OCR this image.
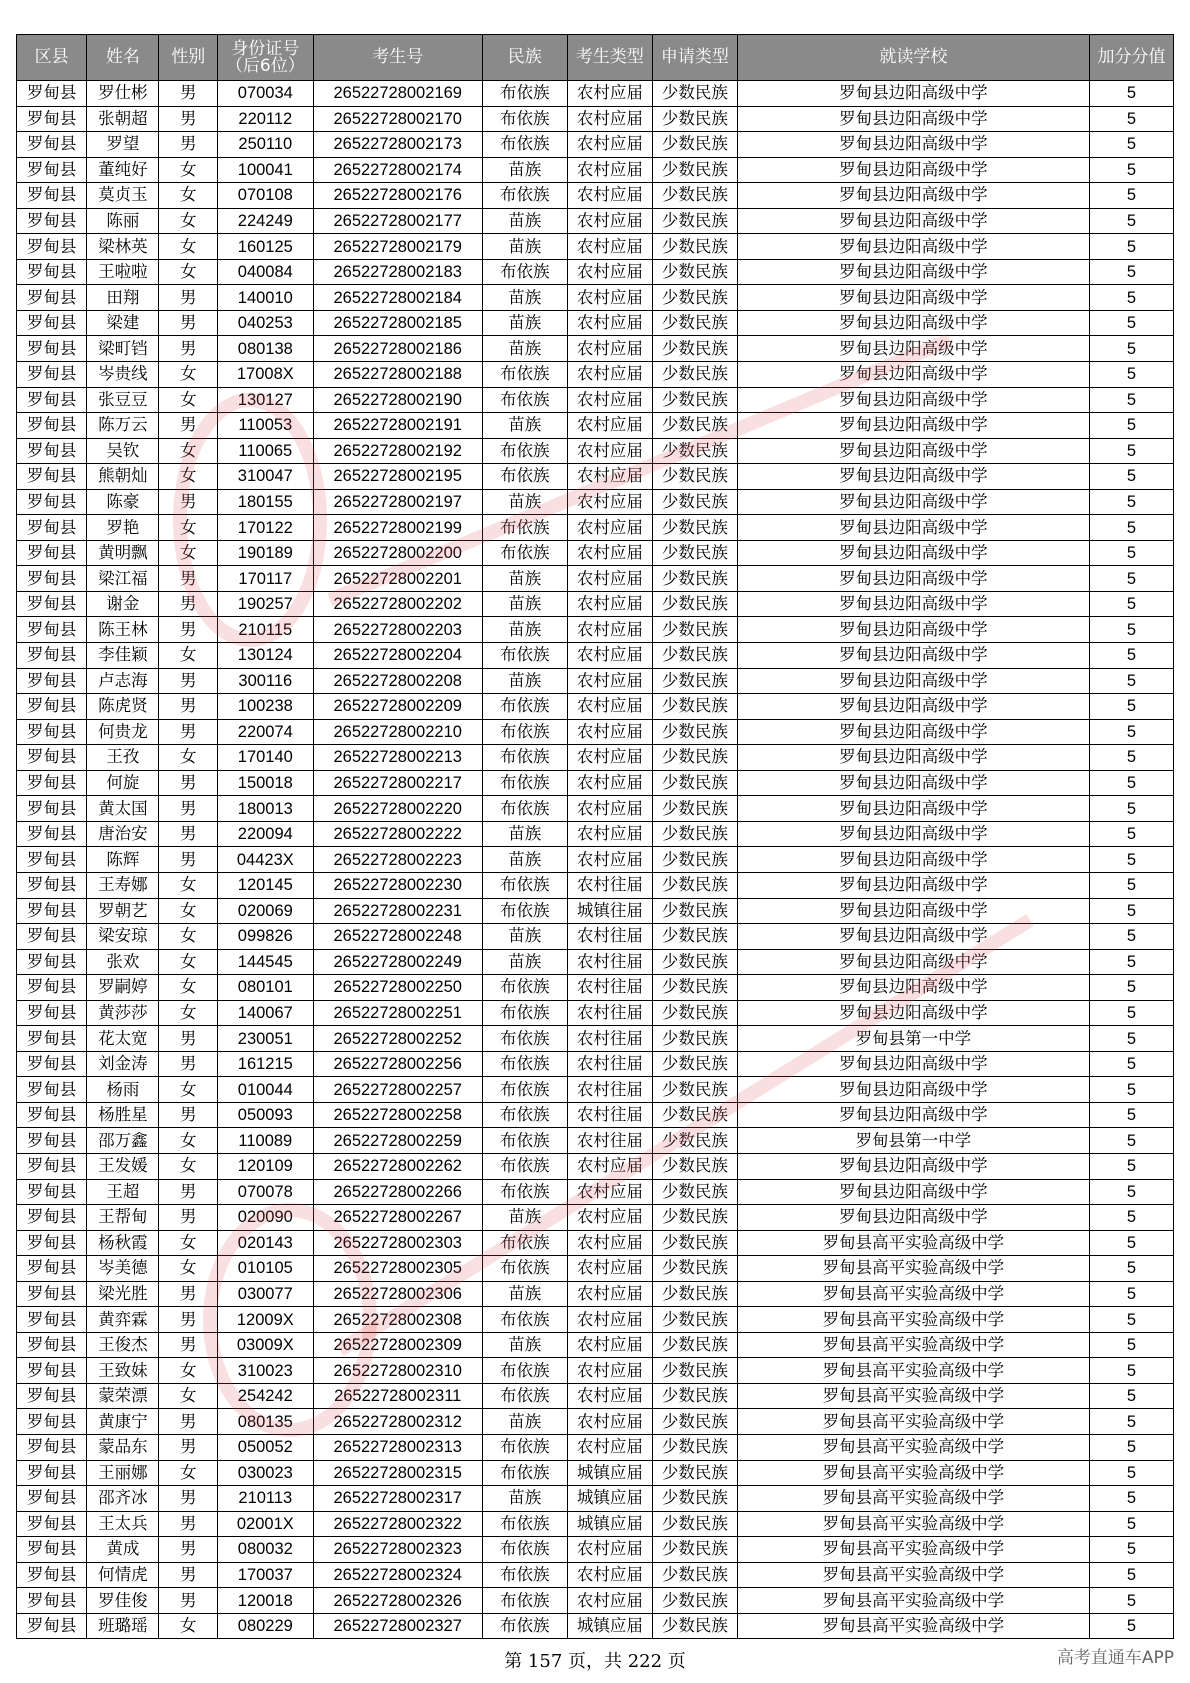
区县	姓名	性别	身份证号
（后6位）	考生号	民族	考生类型	申请类型	就读学校	加分分值
罗甸县	罗仕彬	男	070034	26522728002169	布依族	农村应届	少数民族	罗甸县边阳高级中学	5
罗甸县	张朝超	男	220112	26522728002170	布依族	农村应届	少数民族	罗甸县边阳高级中学	5
罗甸县	罗望	男	250110	26522728002173	布依族	农村应届	少数民族	罗甸县边阳高级中学	5
罗甸县	董纯好	女	100041	26522728002174	苗族	农村应届	少数民族	罗甸县边阳高级中学	5
罗甸县	莫贞玉	女	070108	26522728002176	布依族	农村应届	少数民族	罗甸县边阳高级中学	5
罗甸县	陈丽	女	224249	26522728002177	苗族	农村应届	少数民族	罗甸县边阳高级中学	5
罗甸县	梁林英	女	160125	26522728002179	苗族	农村应届	少数民族	罗甸县边阳高级中学	5
罗甸县	王啦啦	女	040084	26522728002183	布依族	农村应届	少数民族	罗甸县边阳高级中学	5
罗甸县	田翔	男	140010	26522728002184	苗族	农村应届	少数民族	罗甸县边阳高级中学	5
罗甸县	梁建	男	040253	26522728002185	苗族	农村应届	少数民族	罗甸县边阳高级中学	5
罗甸县	梁町铛	男	080138	26522728002186	苗族	农村应届	少数民族	罗甸县边阳高级中学	5
罗甸县	岑贵线	女	17008X	26522728002188	布依族	农村应届	少数民族	罗甸县边阳高级中学	5
罗甸县	张豆豆	女	130127	26522728002190	布依族	农村应届	少数民族	罗甸县边阳高级中学	5
罗甸县	陈万云	男	110053	26522728002191	苗族	农村应届	少数民族	罗甸县边阳高级中学	5
罗甸县	吴钦	女	110065	26522728002192	布依族	农村应届	少数民族	罗甸县边阳高级中学	5
罗甸县	熊朝灿	女	310047	26522728002195	布依族	农村应届	少数民族	罗甸县边阳高级中学	5
罗甸县	陈豪	男	180155	26522728002197	苗族	农村应届	少数民族	罗甸县边阳高级中学	5
罗甸县	罗艳	女	170122	26522728002199	布依族	农村应届	少数民族	罗甸县边阳高级中学	5
罗甸县	黄明飘	女	190189	26522728002200	布依族	农村应届	少数民族	罗甸县边阳高级中学	5
罗甸县	梁江福	男	170117	26522728002201	苗族	农村应届	少数民族	罗甸县边阳高级中学	5
罗甸县	谢金	男	190257	26522728002202	苗族	农村应届	少数民族	罗甸县边阳高级中学	5
罗甸县	陈王林	男	210115	26522728002203	苗族	农村应届	少数民族	罗甸县边阳高级中学	5
罗甸县	李佳颖	女	130124	26522728002204	布依族	农村应届	少数民族	罗甸县边阳高级中学	5
罗甸县	卢志海	男	300116	26522728002208	苗族	农村应届	少数民族	罗甸县边阳高级中学	5
罗甸县	陈虎贤	男	100238	26522728002209	布依族	农村应届	少数民族	罗甸县边阳高级中学	5
罗甸县	何贵龙	男	220074	26522728002210	布依族	农村应届	少数民族	罗甸县边阳高级中学	5
罗甸县	王孜	女	170140	26522728002213	布依族	农村应届	少数民族	罗甸县边阳高级中学	5
罗甸县	何旋	男	150018	26522728002217	布依族	农村应届	少数民族	罗甸县边阳高级中学	5
罗甸县	黄太国	男	180013	26522728002220	布依族	农村应届	少数民族	罗甸县边阳高级中学	5
罗甸县	唐治安	男	220094	26522728002222	苗族	农村应届	少数民族	罗甸县边阳高级中学	5
罗甸县	陈辉	男	04423X	26522728002223	苗族	农村应届	少数民族	罗甸县边阳高级中学	5
罗甸县	王寿娜	女	120145	26522728002230	布依族	农村往届	少数民族	罗甸县边阳高级中学	5
罗甸县	罗朝艺	女	020069	26522728002231	布依族	城镇往届	少数民族	罗甸县边阳高级中学	5
罗甸县	梁安琼	女	099826	26522728002248	苗族	农村往届	少数民族	罗甸县边阳高级中学	5
罗甸县	张欢	女	144545	26522728002249	苗族	农村往届	少数民族	罗甸县边阳高级中学	5
罗甸县	罗嗣婷	女	080101	26522728002250	布依族	农村往届	少数民族	罗甸县边阳高级中学	5
罗甸县	黄莎莎	女	140067	26522728002251	布依族	农村往届	少数民族	罗甸县边阳高级中学	5
罗甸县	花太宽	男	230051	26522728002252	布依族	农村往届	少数民族	罗甸县第一中学	5
罗甸县	刘金涛	男	161215	26522728002256	布依族	农村往届	少数民族	罗甸县边阳高级中学	5
罗甸县	杨雨	女	010044	26522728002257	布依族	农村往届	少数民族	罗甸县边阳高级中学	5
罗甸县	杨胜星	男	050093	26522728002258	布依族	农村往届	少数民族	罗甸县边阳高级中学	5
罗甸县	邵万鑫	女	110089	26522728002259	布依族	农村往届	少数民族	罗甸县第一中学	5
罗甸县	王发媛	女	120109	26522728002262	布依族	农村应届	少数民族	罗甸县边阳高级中学	5
罗甸县	王超	男	070078	26522728002266	布依族	农村应届	少数民族	罗甸县边阳高级中学	5
罗甸县	王帮甸	男	020090	26522728002267	苗族	农村应届	少数民族	罗甸县边阳高级中学	5
罗甸县	杨秋霞	女	020143	26522728002303	布依族	农村应届	少数民族	罗甸县高平实验高级中学	5
罗甸县	岑美德	女	010105	26522728002305	布依族	农村应届	少数民族	罗甸县高平实验高级中学	5
罗甸县	梁光胜	男	030077	26522728002306	苗族	农村应届	少数民族	罗甸县高平实验高级中学	5
罗甸县	黄弈霖	男	12009X	26522728002308	布依族	农村应届	少数民族	罗甸县高平实验高级中学	5
罗甸县	王俊杰	男	03009X	26522728002309	苗族	农村应届	少数民族	罗甸县高平实验高级中学	5
罗甸县	王致妹	女	310023	26522728002310	布依族	农村应届	少数民族	罗甸县高平实验高级中学	5
罗甸县	蒙荣漂	女	254242	26522728002311	布依族	农村应届	少数民族	罗甸县高平实验高级中学	5
罗甸县	黄康宁	男	080135	26522728002312	苗族	农村应届	少数民族	罗甸县高平实验高级中学	5
罗甸县	蒙品东	男	050052	26522728002313	布依族	农村应届	少数民族	罗甸县高平实验高级中学	5
罗甸县	王丽娜	女	030023	26522728002315	布依族	城镇应届	少数民族	罗甸县高平实验高级中学	5
罗甸县	邵齐冰	男	210113	26522728002317	苗族	城镇应届	少数民族	罗甸县高平实验高级中学	5
罗甸县	王太兵	男	02001X	26522728002322	布依族	城镇应届	少数民族	罗甸县高平实验高级中学	5
罗甸县	黄成	男	080032	26522728002323	布依族	农村应届	少数民族	罗甸县高平实验高级中学	5
罗甸县	何情虎	男	170037	26522728002324	布依族	农村应届	少数民族	罗甸县高平实验高级中学	5
罗甸县	罗佳俊	男	120018	26522728002326	布依族	农村应届	少数民族	罗甸县高平实验高级中学	5
罗甸县	班璐瑶	女	080229	26522728002327	布依族	城镇应届	少数民族	罗甸县高平实验高级中学	5
第 157 页，共 222 页	高考直通车APP
